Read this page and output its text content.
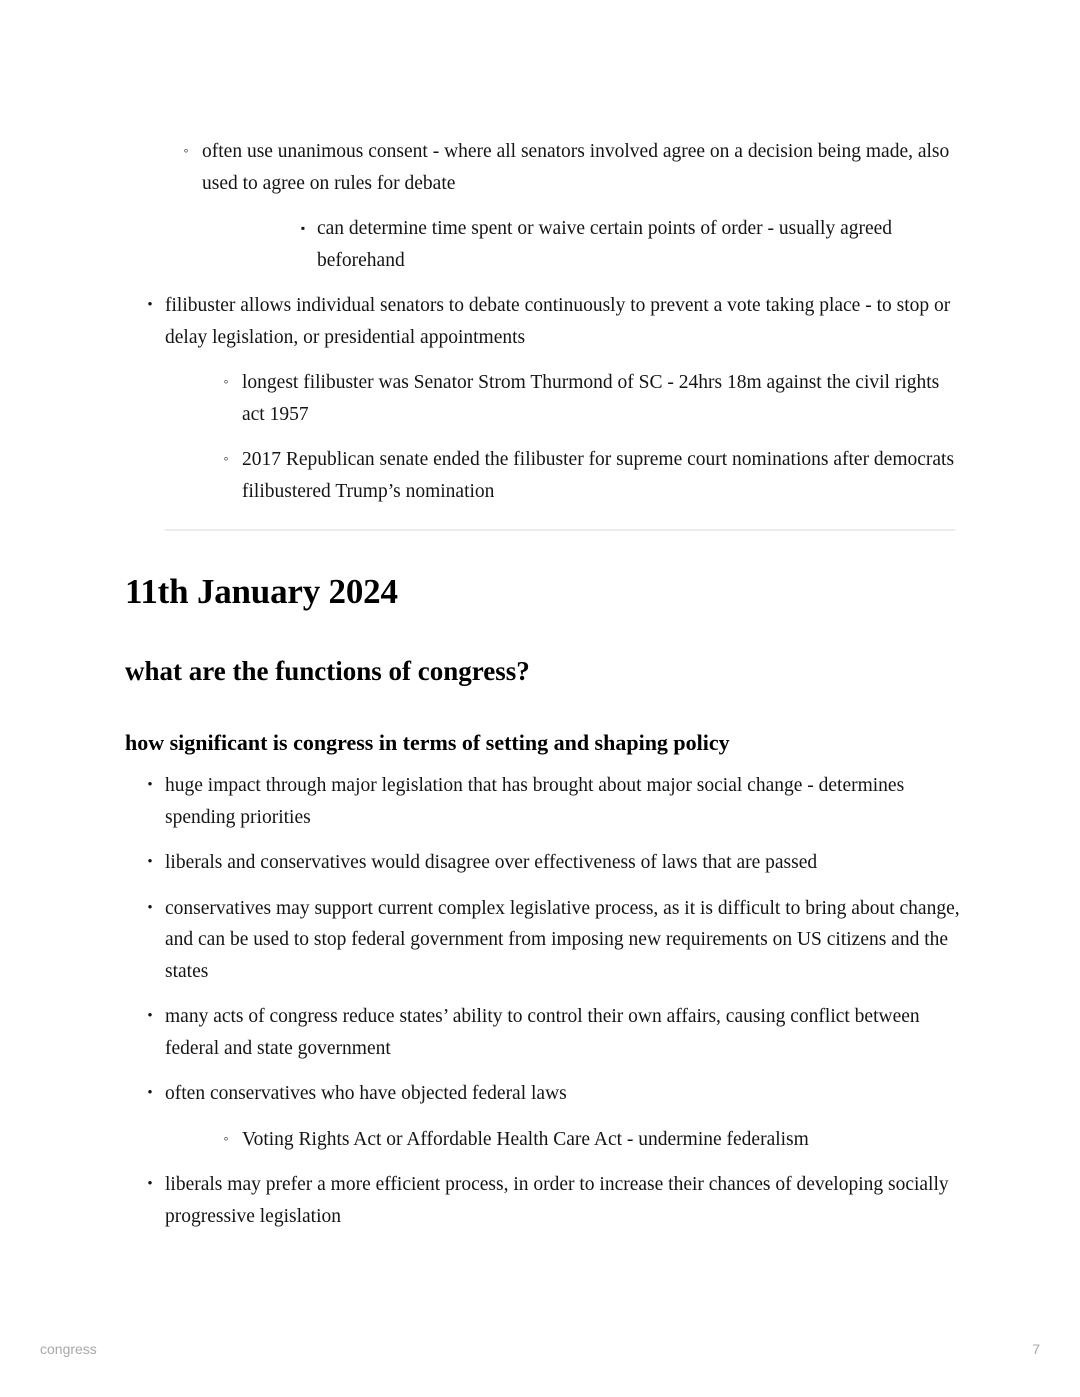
◦ often use unanimous consent - where all senators involved agree on a decision being made, also used to agree on rules for debate
▪ can determine time spent or waive certain points of order - usually agreed beforehand
• filibuster allows individual senators to debate continuously to prevent a vote taking place - to stop or delay legislation, or presidential appointments
◦ longest filibuster was Senator Strom Thurmond of SC - 24hrs 18m against the civil rights act 1957
◦ 2017 Republican senate ended the filibuster for supreme court nominations after democrats filibustered Trump’s nomination
11th January 2024
what are the functions of congress?
how significant is congress in terms of setting and shaping policy
• huge impact through major legislation that has brought about major social change - determines spending priorities
• liberals and conservatives would disagree over effectiveness of laws that are passed
• conservatives may support current complex legislative process, as it is difficult to bring about change, and can be used to stop federal government from imposing new requirements on US citizens and the states
• many acts of congress reduce states’ ability to control their own affairs, causing conflict between federal and state government
• often conservatives who have objected federal laws
◦ Voting Rights Act or Affordable Health Care Act - undermine federalism
• liberals may prefer a more efficient process, in order to increase their chances of developing socially progressive legislation
congress	7
